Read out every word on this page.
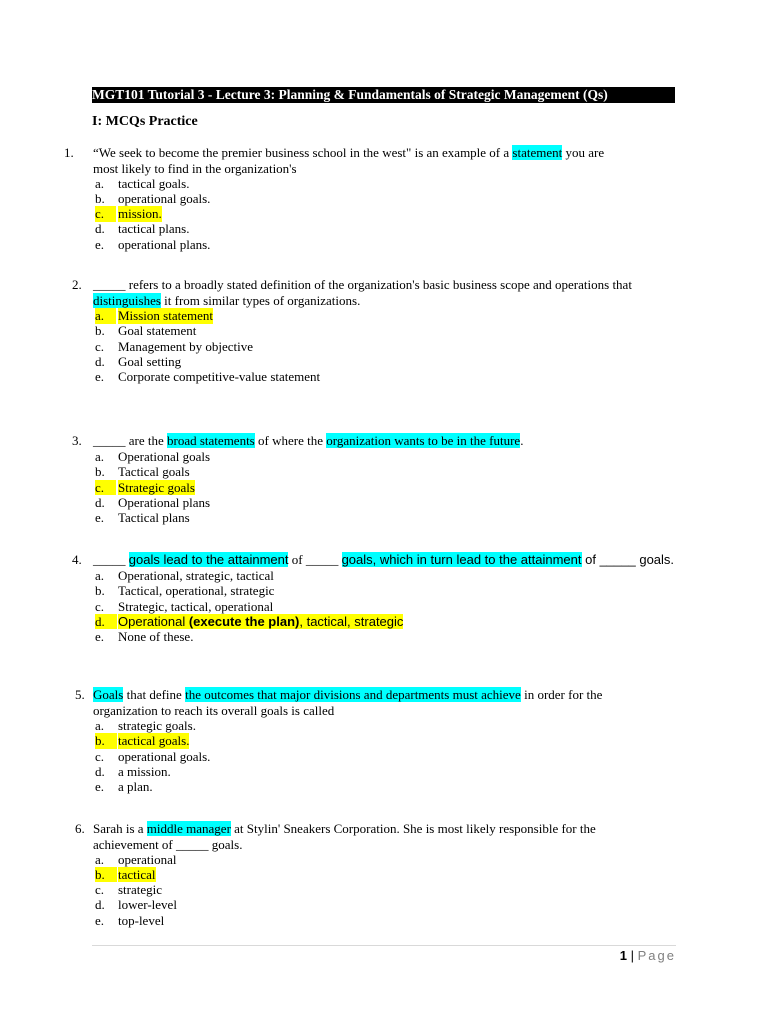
MGT101 Tutorial 3 - Lecture 3: Planning & Fundamentals of Strategic Management (Qs)
I: MCQs Practice
1. “We seek to become the premier business school in the west" is an example of a statement you are
most likely to find in the organization's
a. tactical goals.
b. operational goals.
c.	mission.
d. tactical plans.
e. operational plans.
2. _____ refers to a broadly stated definition of the organization's basic business scope and operations that
distinguishes it from similar types of organizations.
a.	Mission statement
b. Goal statement
c. Management by objective
d. Goal setting
e. Corporate competitive-value statement
3. _____ are the broad statements of where the organization wants to be in the future.
a. Operational goals
b. Tactical goals
c.	Strategic goals
d. Operational plans
e. Tactical plans
4. _____ goals lead to the attainment of _____ goals, which in turn lead to the attainment of _____ goals.
a. Operational, strategic, tactical
b. Tactical, operational, strategic
c. Strategic, tactical, operational
d.	Operational (execute the plan), tactical, strategic
e. None of these.
5. Goals that define the outcomes that major divisions and departments must achieve in order for the
organization to reach its overall goals is called
a. strategic goals.
b.	tactical goals.
c. operational goals.
d. a mission.
e. a plan.
6. Sarah is a middle manager at Stylin' Sneakers Corporation. She is most likely responsible for the
achievement of _____ goals.
a. operational
b.	tactical
c. strategic
d. lower-level
e. top-level
1 | Page
